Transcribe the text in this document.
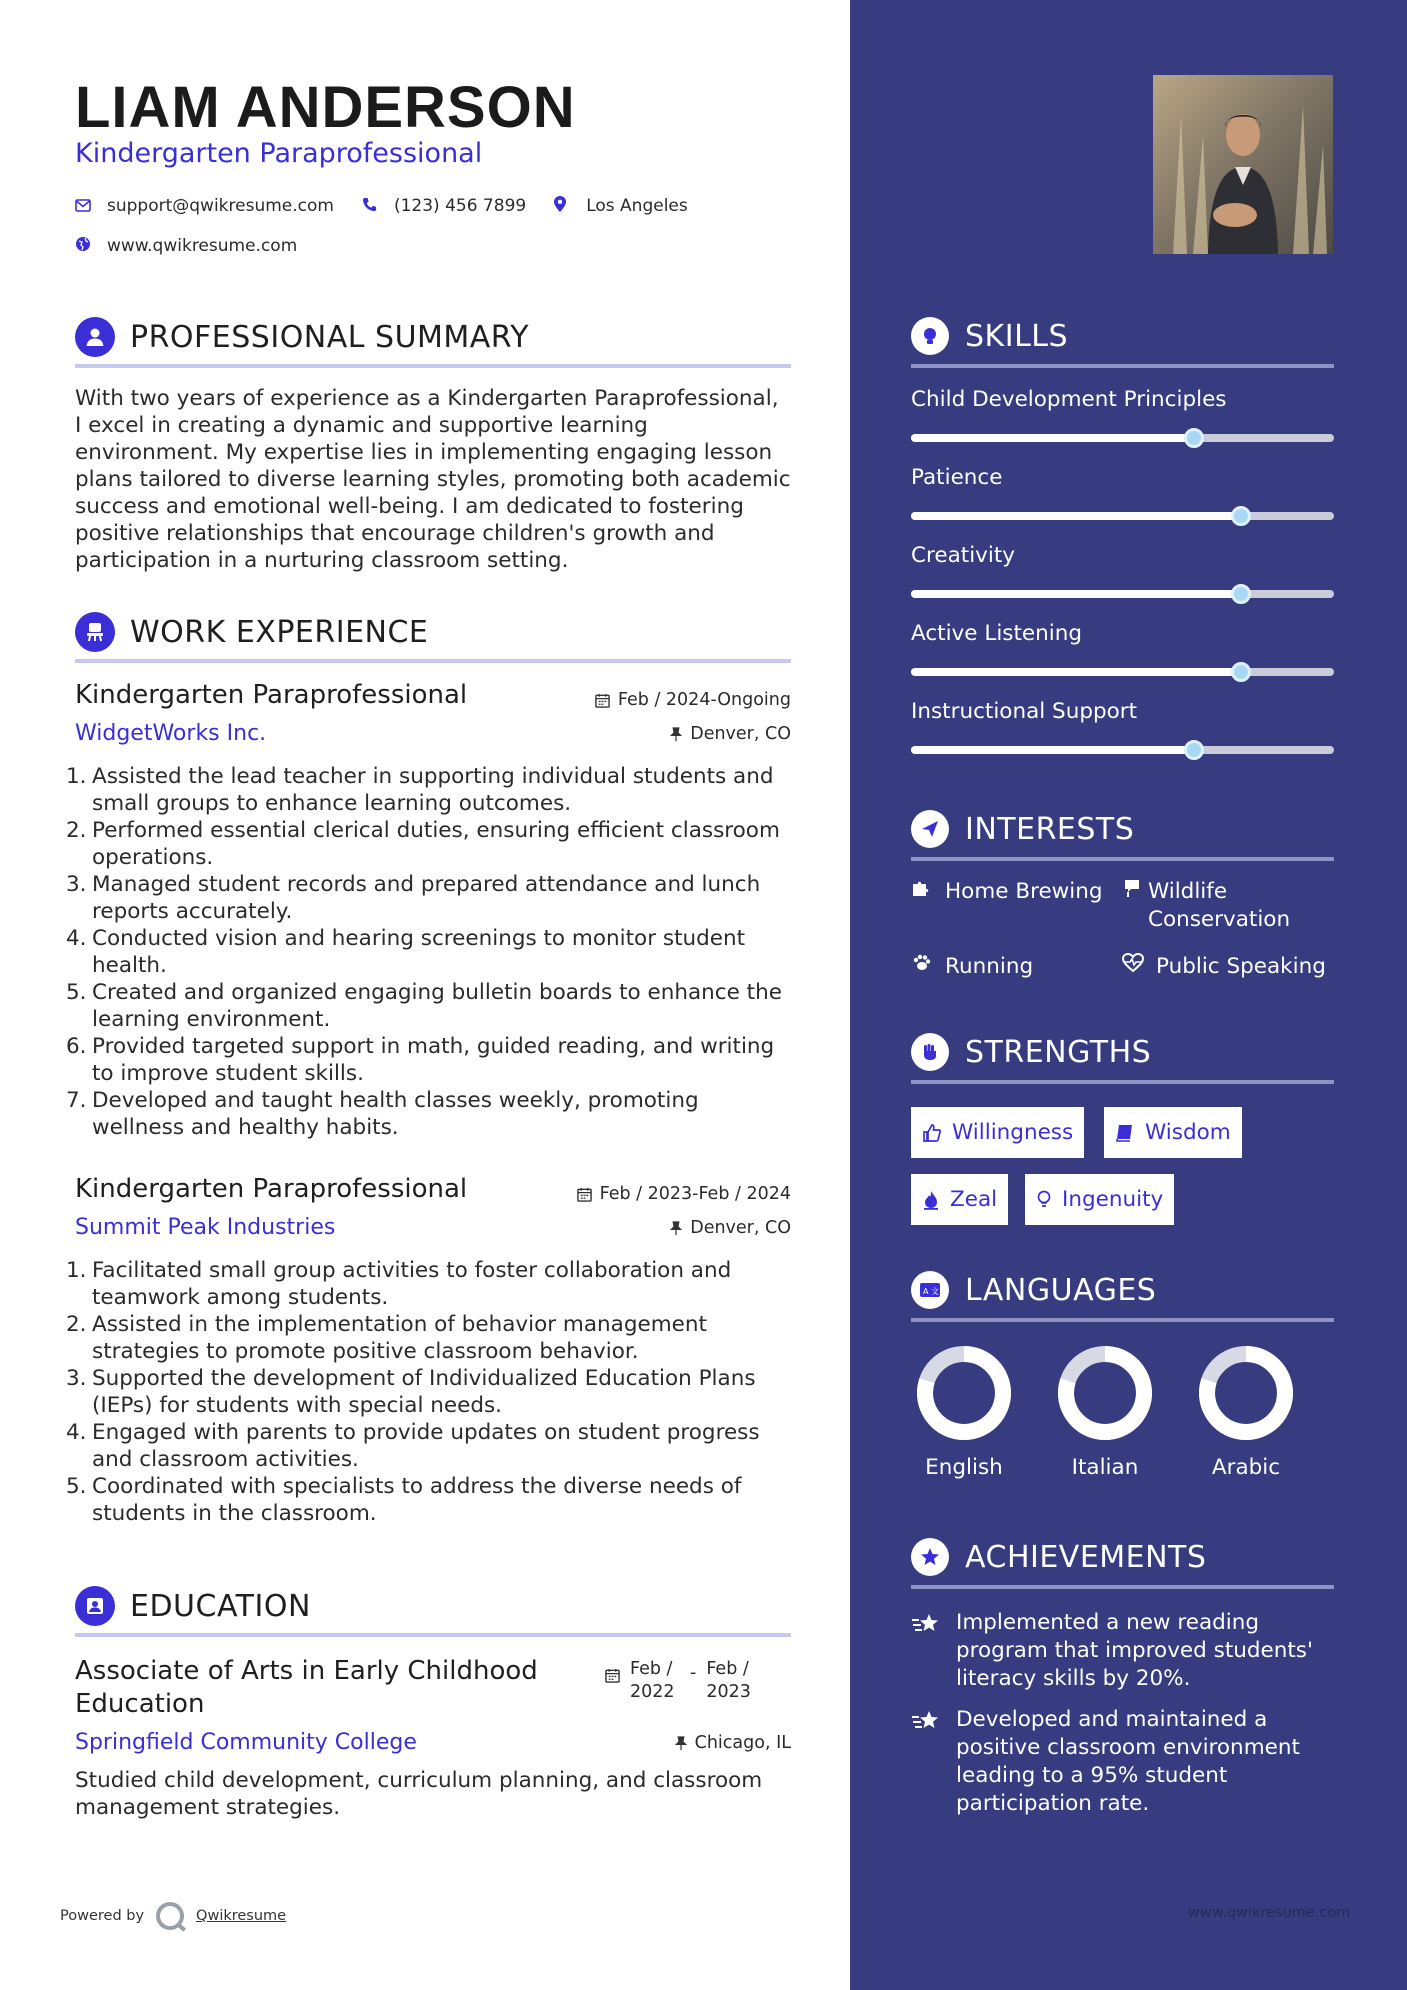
LIAM ANDERSON
Kindergarten Paraprofessional
support@qwikresume.com	(123) 456 7899	Los Angeles
www.qwikresume.com
PROFESSIONAL SUMMARY
With two years of experience as a Kindergarten Paraprofessional, I excel in creating a dynamic and supportive learning environment. My expertise lies in implementing engaging lesson plans tailored to diverse learning styles, promoting both academic success and emotional well-being. I am dedicated to fostering positive relationships that encourage children's growth and participation in a nurturing classroom setting.
WORK EXPERIENCE
Kindergarten Paraprofessional	Feb / 2024-Ongoing
WidgetWorks Inc.	Denver, CO
1. Assisted the lead teacher in supporting individual students and small groups to enhance learning outcomes.
2. Performed essential clerical duties, ensuring efficient classroom operations.
3. Managed student records and prepared attendance and lunch reports accurately.
4. Conducted vision and hearing screenings to monitor student health.
5. Created and organized engaging bulletin boards to enhance the learning environment.
6. Provided targeted support in math, guided reading, and writing to improve student skills.
7. Developed and taught health classes weekly, promoting wellness and healthy habits.
Kindergarten Paraprofessional	Feb / 2023-Feb / 2024
Summit Peak Industries	Denver, CO
1. Facilitated small group activities to foster collaboration and teamwork among students.
2. Assisted in the implementation of behavior management strategies to promote positive classroom behavior.
3. Supported the development of Individualized Education Plans (IEPs) for students with special needs.
4. Engaged with parents to provide updates on student progress and classroom activities.
5. Coordinated with specialists to address the diverse needs of students in the classroom.
EDUCATION
Associate of Arts in Early Childhood Education
Feb / 2022
- Feb / 2023
Springfield Community College	Chicago, IL
Studied child development, curriculum planning, and classroom management strategies.
Powered by	Qwikresume
SKILLS
Child Development Principles
Patience
Creativity
Active Listening
Instructional Support
INTERESTS
Home Brewing Wildlife Conservation
Running	Public Speaking
STRENGTHS
Willingness	Wisdom
Zeal	Ingenuity
A 文 LANGUAGES
English	Italian	Arabic
ACHIEVEMENTS
Implemented a new reading program that improved students' literacy skills by 20%.
Developed and maintained a positive classroom environment leading to a 95% student participation rate.
www.qwikresume.com
